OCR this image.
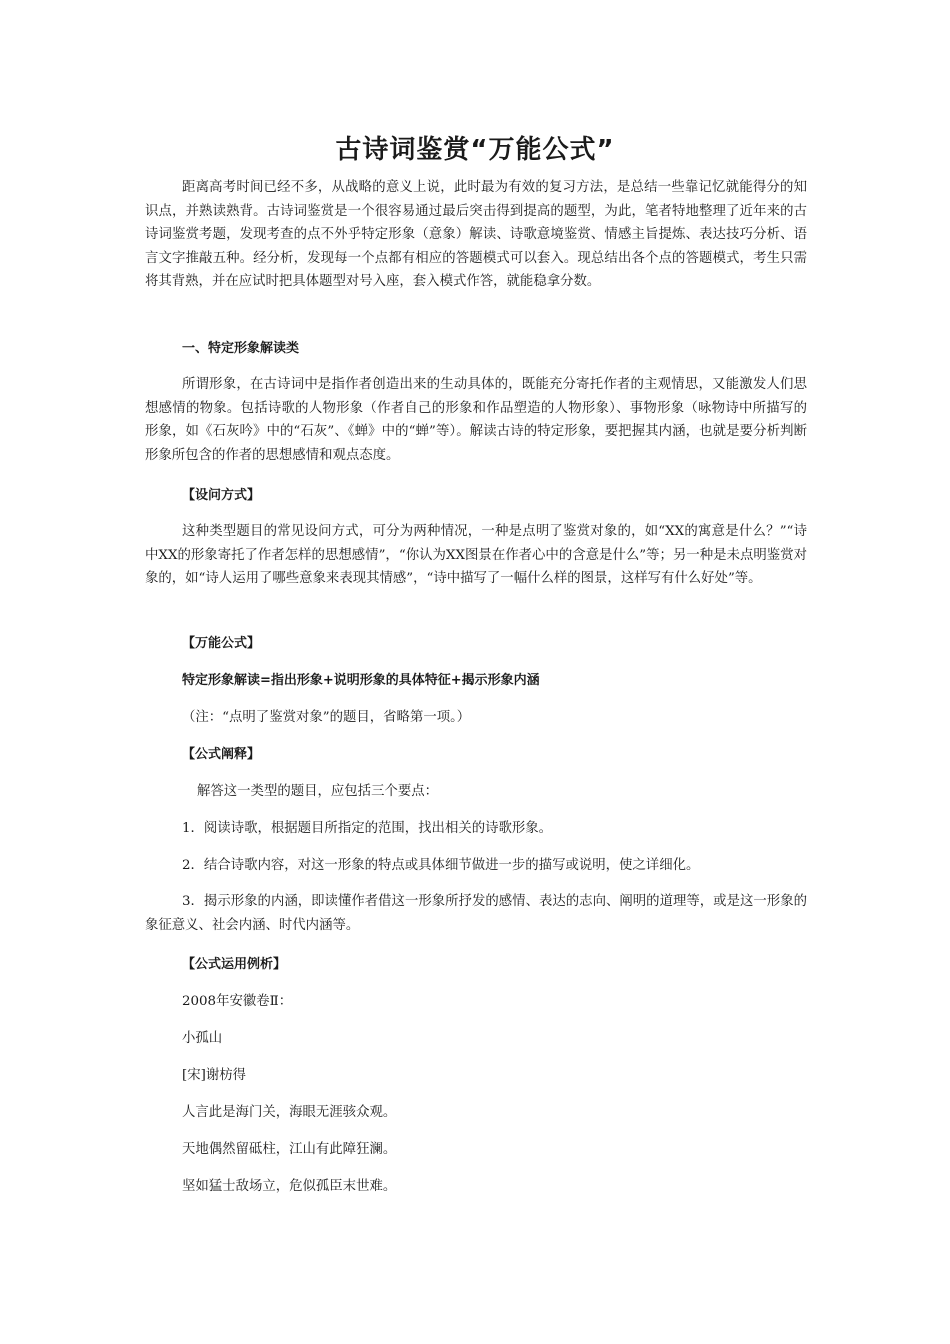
古诗词鉴赏“万能公式”

距离高考时间已经不多，从战略的意义上说，此时最为有效的复习方法，是总结一些靠记忆就能得分的知识点，并熟读熟背。古诗词鉴赏是一个很容易通过最后突击得到提高的题型，为此，笔者特地整理了近年来的古诗词鉴赏考题，发现考查的点不外乎特定形象（意象）解读、诗歌意境鉴赏、情感主旨提炼、表达技巧分析、语言文字推敲五种。经分析，发现每一个点都有相应的答题模式可以套入。现总结出各个点的答题模式，考生只需将其背熟，并在应试时把具体题型对号入座，套入模式作答，就能稳拿分数。

一、特定形象解读类

所谓形象，在古诗词中是指作者创造出来的生动具体的，既能充分寄托作者的主观情思，又能激发人们思想感情的物象。包括诗歌的人物形象（作者自己的形象和作品塑造的人物形象）、事物形象（咏物诗中所描写的形象，如《石灰吟》中的“石灰”、《蝉》中的“蝉”等）。解读古诗的特定形象，要把握其内涵，也就是要分析判断形象所包含的作者的思想感情和观点态度。

【设问方式】

这种类型题目的常见设问方式，可分为两种情况，一种是点明了鉴赏对象的，如“XX的寓意是什么？”“诗中XX的形象寄托了作者怎样的思想感情”，“你认为XX图景在作者心中的含意是什么”等；另一种是未点明鉴赏对象的，如“诗人运用了哪些意象来表现其情感”，“诗中描写了一幅什么样的图景，这样写有什么好处”等。

【万能公式】
特定形象解读=指出形象+说明形象的具体特征+揭示形象内涵
（注：“点明了鉴赏对象”的题目，省略第一项。）
【公式阐释】
解答这一类型的题目，应包括三个要点：
1．阅读诗歌，根据题目所指定的范围，找出相关的诗歌形象。
2．结合诗歌内容，对这一形象的特点或具体细节做进一步的描写或说明，使之详细化。

3．揭示形象的内涵，即读懂作者借这一形象所抒发的感情、表达的志向、阐明的道理等，或是这一形象的象征意义、社会内涵、时代内涵等。

【公式运用例析】
2008年安徽卷Ⅱ：
小孤山
[宋]谢枋得
人言此是海门关，海眼无涯骇众观。
天地偶然留砥柱，江山有此障狂澜。
坚如猛士敌场立，危似孤臣末世难。
